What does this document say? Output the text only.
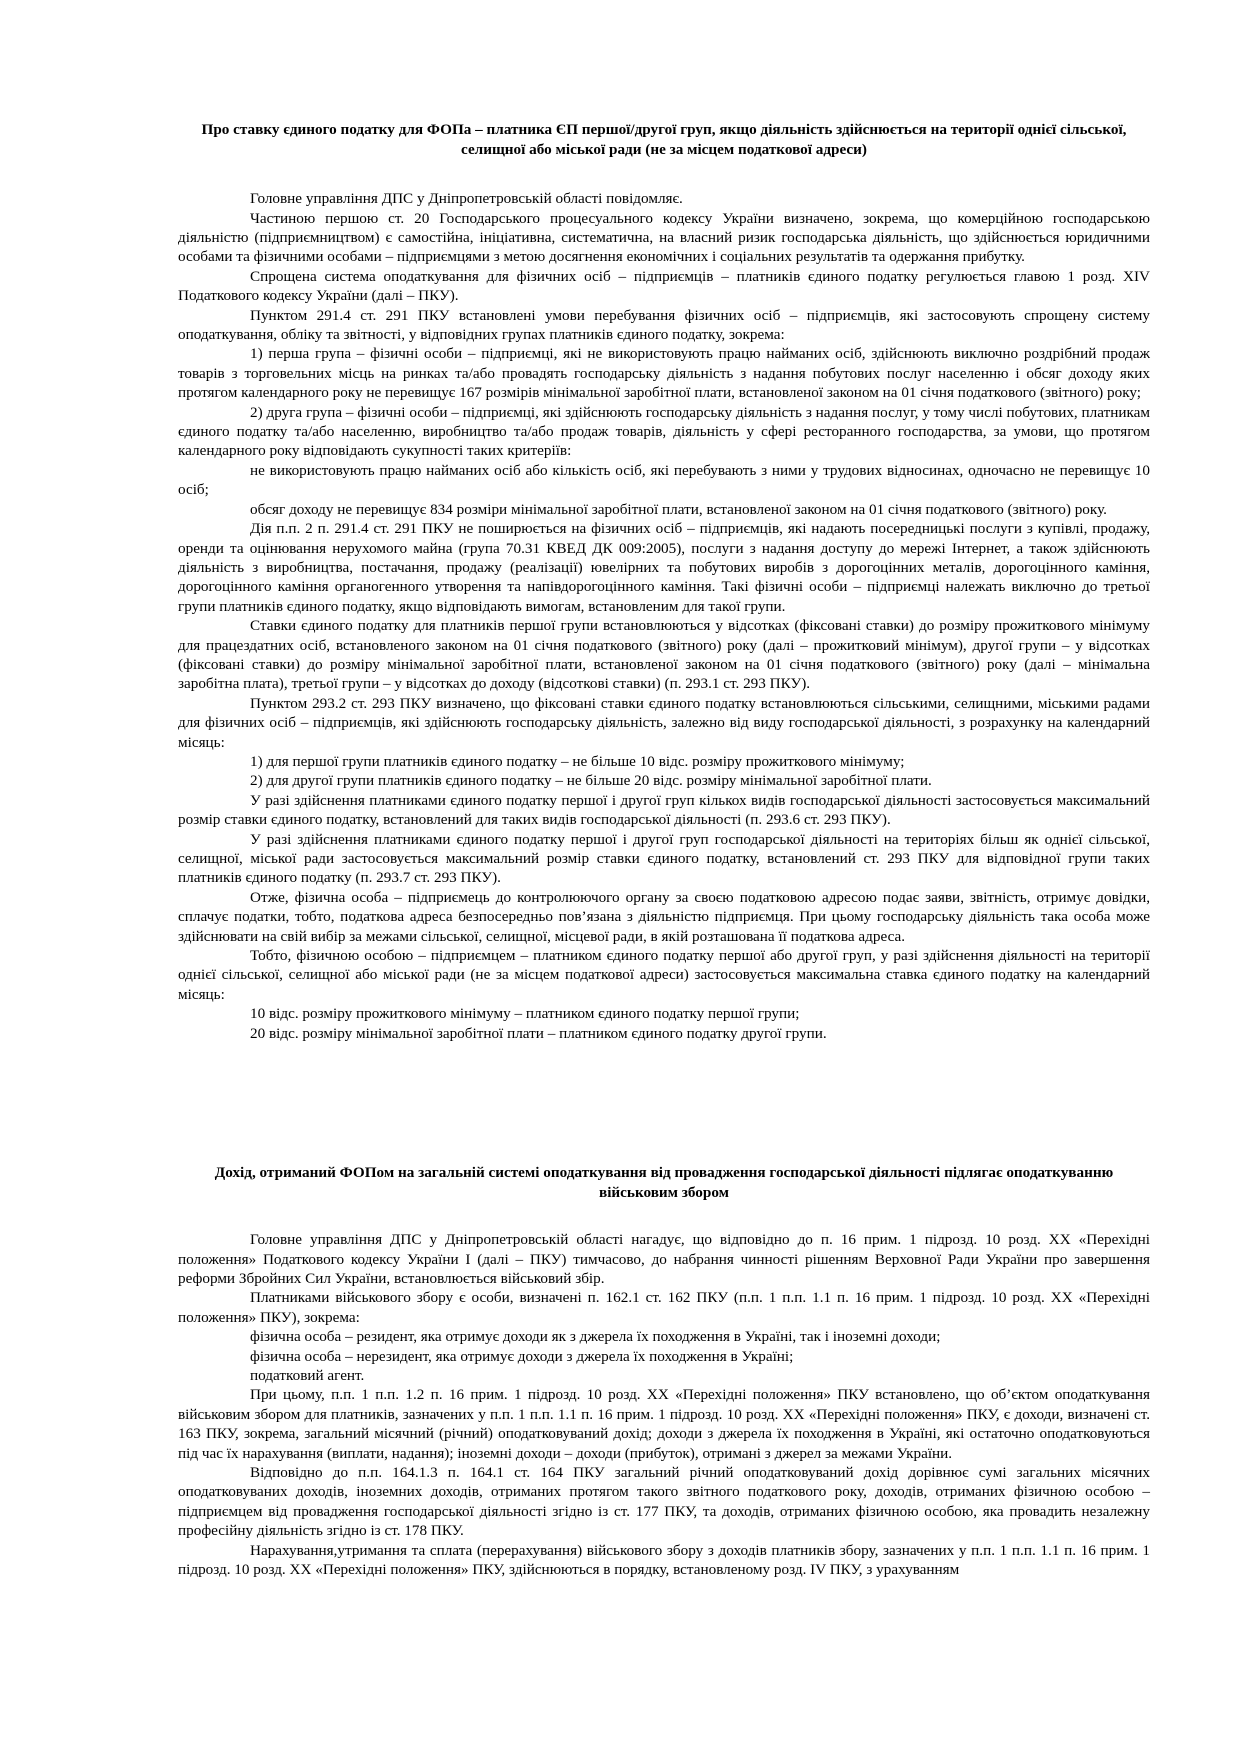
Про ставку єдиного податку для ФОПа – платника ЄП першої/другої груп, якщо діяльність здійснюється на території однієї сільської, селищної або міської ради (не за місцем податкової адреси)

Головне управління ДПС у Дніпропетровській області повідомляє.

Частиною першою ст. 20 Господарського процесуального кодексу України визначено, зокрема, що комерційною господарською діяльністю (підприємництвом) є самостійна, ініціативна, систематична, на власний ризик господарська діяльність, що здійснюється юридичними особами та фізичними особами – підприємцями з метою досягнення економічних і соціальних результатів та одержання прибутку.

Спрощена система оподаткування для фізичних осіб – підприємців – платників єдиного податку регулюється главою 1 розд. XIV Податкового кодексу України (далі – ПКУ).

Пунктом 291.4 ст. 291 ПКУ встановлені умови перебування фізичних осіб – підприємців, які застосовують спрощену систему оподаткування, обліку та звітності, у відповідних групах платників єдиного податку, зокрема:

1) перша група – фізичні особи – підприємці, які не використовують працю найманих осіб, здійснюють виключно роздрібний продаж товарів з торговельних місць на ринках та/або провадять господарську діяльність з надання побутових послуг населенню і обсяг доходу яких протягом календарного року не перевищує 167 розмірів мінімальної заробітної плати, встановленої законом на 01 січня податкового (звітного) року;

2) друга група – фізичні особи – підприємці, які здійснюють господарську діяльність з надання послуг, у тому числі побутових, платникам єдиного податку та/або населенню, виробництво та/або продаж товарів, діяльність у сфері ресторанного господарства, за умови, що протягом календарного року відповідають сукупності таких критеріїв:

не використовують працю найманих осіб або кількість осіб, які перебувають з ними у трудових відносинах, одночасно не перевищує 10 осіб;

обсяг доходу не перевищує 834 розміри мінімальної заробітної плати, встановленої законом на 01 січня податкового (звітного) року.

Дія п.п. 2 п. 291.4 ст. 291 ПКУ не поширюється на фізичних осіб – підприємців, які надають посередницькі послуги з купівлі, продажу, оренди та оцінювання нерухомого майна (група 70.31 КВЕД ДК 009:2005), послуги з надання доступу до мережі Інтернет, а також здійснюють діяльність з виробництва, постачання, продажу (реалізації) ювелірних та побутових виробів з дорогоцінних металів, дорогоцінного каміння, дорогоцінного каміння органогенного утворення та напівдорогоцінного каміння. Такі фізичні особи – підприємці належать виключно до третьої групи платників єдиного податку, якщо відповідають вимогам, встановленим для такої групи.

Ставки єдиного податку для платників першої групи встановлюються у відсотках (фіксовані ставки) до розміру прожиткового мінімуму для працездатних осіб, встановленого законом на 01 січня податкового (звітного) року (далі – прожитковий мінімум), другої групи – у відсотках (фіксовані ставки) до розміру мінімальної заробітної плати, встановленої законом на 01 січня податкового (звітного) року (далі – мінімальна заробітна плата), третьої групи – у відсотках до доходу (відсоткові ставки) (п. 293.1 ст. 293 ПКУ).

Пунктом 293.2 ст. 293 ПКУ визначено, що фіксовані ставки єдиного податку встановлюються сільськими, селищними, міськими радами для фізичних осіб – підприємців, які здійснюють господарську діяльність, залежно від виду господарської діяльності, з розрахунку на календарний місяць:

1) для першої групи платників єдиного податку – не більше 10 відс. розміру прожиткового мінімуму;

2) для другої групи платників єдиного податку – не більше 20 відс. розміру мінімальної заробітної плати.

У разі здійснення платниками єдиного податку першої і другої груп кількох видів господарської діяльності застосовується максимальний розмір ставки єдиного податку, встановлений для таких видів господарської діяльності (п. 293.6 ст. 293 ПКУ).

У разі здійснення платниками єдиного податку першої і другої груп господарської діяльності на територіях більш як однієї сільської, селищної, міської ради застосовується максимальний розмір ставки єдиного податку, встановлений ст. 293 ПКУ для відповідної групи таких платників єдиного податку (п. 293.7 ст. 293 ПКУ).

Отже, фізична особа – підприємець до контролюючого органу за своєю податковою адресою подає заяви, звітність, отримує довідки, сплачує податки, тобто, податкова адреса безпосередньо пов’язана з діяльністю підприємця. При цьому господарську діяльність така особа може здійснювати на свій вибір за межами сільської, селищної, місцевої ради, в якій розташована її податкова адреса.

Тобто, фізичною особою – підприємцем – платником єдиного податку першої або другої груп, у разі здійснення діяльності на території однієї сільської, селищної або міської ради (не за місцем податкової адреси) застосовується максимальна ставка єдиного податку на календарний місяць:

10 відс. розміру прожиткового мінімуму – платником єдиного податку першої групи;

20 відс. розміру мінімальної заробітної плати – платником єдиного податку другої групи.

Дохід, отриманий ФОПом на загальній системі оподаткування від провадження господарської діяльності підлягає оподаткуванню військовим збором

Головне управління ДПС у Дніпропетровській області нагадує, що відповідно до п. 16 прим. 1 підрозд. 10 розд. XX «Перехідні положення» Податкового кодексу України І (далі – ПКУ) тимчасово, до набрання чинності рішенням Верховної Ради України про завершення реформи Збройних Сил України, встановлюється військовий збір.

Платниками військового збору є особи, визначені п. 162.1 ст. 162 ПКУ (п.п. 1 п.п. 1.1 п. 16 прим. 1 підрозд. 10 розд. XX «Перехідні положення» ПКУ), зокрема:

фізична особа – резидент, яка отримує доходи як з джерела їх походження в Україні, так і іноземні доходи;

фізична особа – нерезидент, яка отримує доходи з джерела їх походження в Україні;

податковий агент.

При цьому, п.п. 1 п.п. 1.2 п. 16 прим. 1 підрозд. 10 розд. XX «Перехідні положення» ПКУ встановлено, що об’єктом оподаткування військовим збором для платників, зазначених у п.п. 1 п.п. 1.1 п. 16 прим. 1 підрозд. 10 розд. XX «Перехідні положення» ПКУ, є доходи, визначені ст. 163 ПКУ, зокрема, загальний місячний (річний) оподатковуваний дохід; доходи з джерела їх походження в Україні, які остаточно оподатковуються під час їх нарахування (виплати, надання); іноземні доходи – доходи (прибуток), отримані з джерел за межами України.

Відповідно до п.п. 164.1.3 п. 164.1 ст. 164 ПКУ загальний річний оподатковуваний дохід дорівнює сумі загальних місячних оподатковуваних доходів, іноземних доходів, отриманих протягом такого звітного податкового року, доходів, отриманих фізичною особою – підприємцем від провадження господарської діяльності згідно із ст. 177 ПКУ, та доходів, отриманих фізичною особою, яка провадить незалежну професійну діяльність згідно із ст. 178 ПКУ.

Нарахування,утримання та сплата (перерахування) військового збору з доходів платників збору, зазначених у п.п. 1 п.п. 1.1 п. 16 прим. 1 підрозд. 10 розд. XX «Перехідні положення» ПКУ, здійснюються в порядку, встановленому розд. IV ПКУ, з урахуванням
